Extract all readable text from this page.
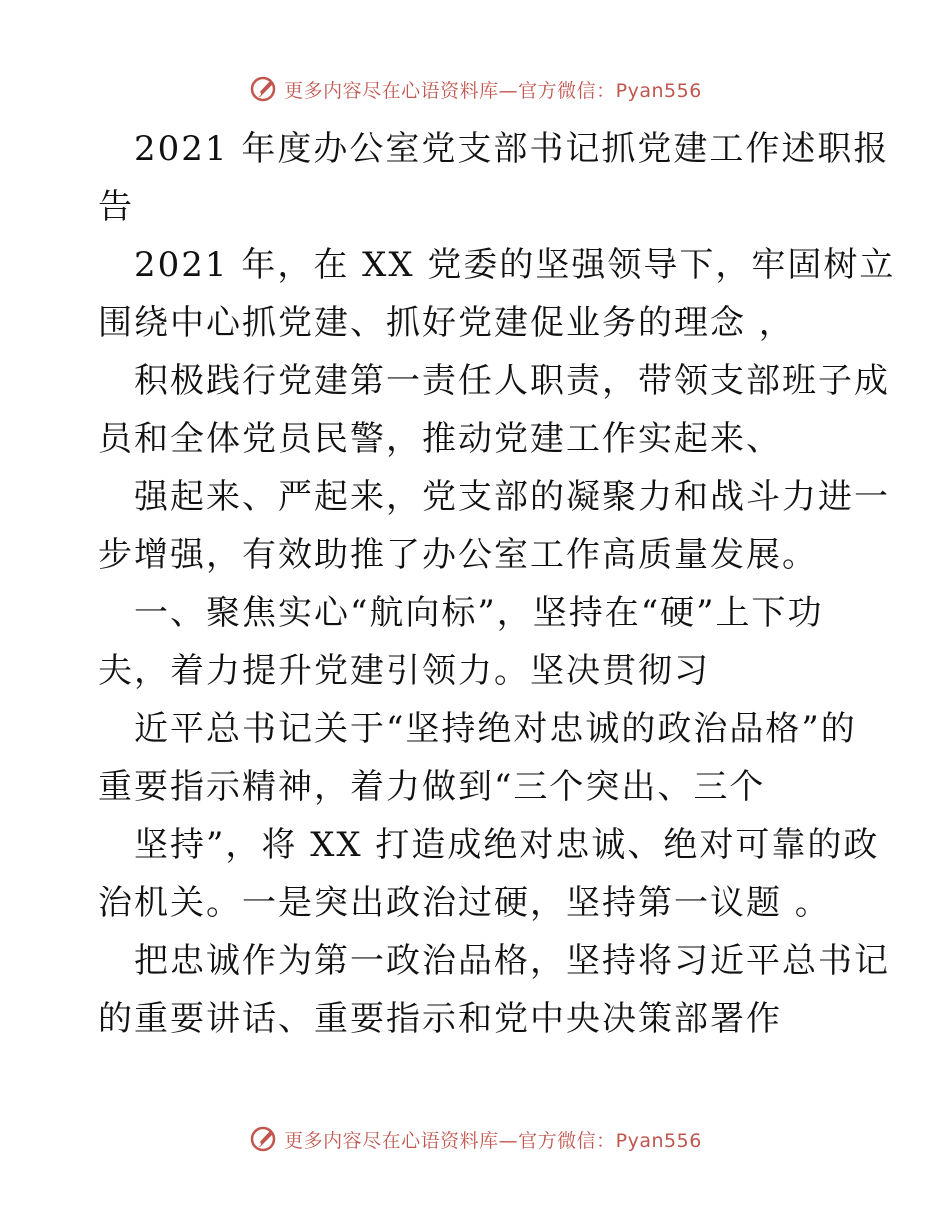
更多内容尽在心语资料库—官方微信：Pyan556
2021 年度办公室党支部书记抓党建工作述职报
告
2021 年，在 XX 党委的坚强领导下，牢固树立
围绕中心抓党建、抓好党建促业务的理念 ，
积极践行党建第一责任人职责，带领支部班子成
员和全体党员民警，推动党建工作实起来、
强起来、严起来，党支部的凝聚力和战斗力进一
步增强，有效助推了办公室工作高质量发展。
一、聚焦实心“航向标”，坚持在“硬”上下功
夫，着力提升党建引领力。坚决贯彻习
近平总书记关于“坚持绝对忠诚的政治品格”的
重要指示精神，着力做到“三个突出、三个
坚持”，将 XX 打造成绝对忠诚、绝对可靠的政
治机关。一是突出政治过硬，坚持第一议题 。
把忠诚作为第一政治品格，坚持将习近平总书记
的重要讲话、重要指示和党中央决策部署作
更多内容尽在心语资料库—官方微信：Pyan556
